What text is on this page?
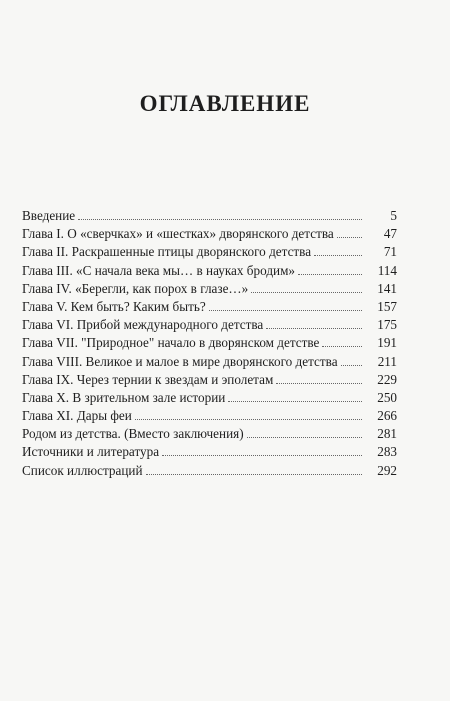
ОГЛАВЛЕНИЕ
Введение	5
Глава I. О «сверчках» и «шестках» дворянского детства	47
Глава II. Раскрашенные птицы дворянского детства	71
Глава III. «С начала века мы… в науках бродим»	114
Глава IV. «Берегли, как порох в глазе…»	141
Глава V. Кем быть? Каким быть?	157
Глава VI. Прибой международного детства	175
Глава VII. "Природное" начало в дворянском детстве	191
Глава VIII. Великое и малое в мире дворянского детства	211
Глава IX. Через тернии к звездам и эполетам	229
Глава X. В зрительном зале истории	250
Глава XI. Дары феи	266
Родом из детства. (Вместо заключения)	281
Источники и литература	283
Список иллюстраций	292
